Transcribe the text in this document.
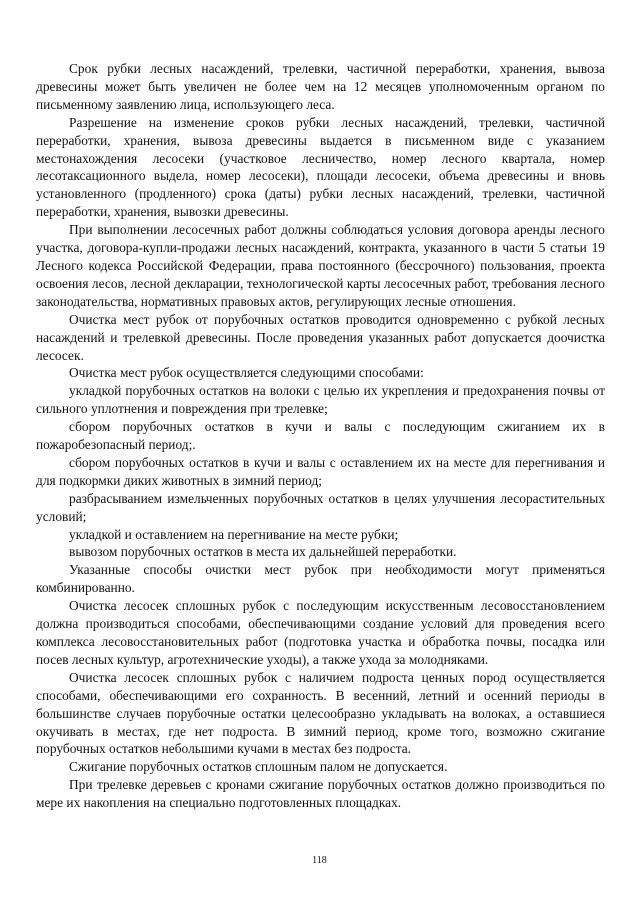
Срок рубки лесных насаждений, трелевки, частичной переработки, хранения, вывоза древесины может быть увеличен не более чем на 12 месяцев уполномоченным органом по письменному заявлению лица, использующего леса.

Разрешение на изменение сроков рубки лесных насаждений, трелевки, частичной переработки, хранения, вывоза древесины выдается в письменном виде с указанием местонахождения лесосеки (участковое лесничество, номер лесного квартала, номер лесотаксационного выдела, номер лесосеки), площади лесосеки, объема древесины и вновь установленного (продленного) срока (даты) рубки лесных насаждений, трелевки, частичной переработки, хранения, вывозки древесины.

При выполнении лесосечных работ должны соблюдаться условия договора аренды лесного участка, договора-купли-продажи лесных насаждений, контракта, указанного в части 5 статьи 19 Лесного кодекса Российской Федерации, права постоянного (бессрочного) пользования, проекта освоения лесов, лесной декларации, технологической карты лесосечных работ, требования лесного законодательства, нормативных правовых актов, регулирующих лесные отношения.

Очистка мест рубок от порубочных остатков проводится одновременно с рубкой лесных насаждений и трелевкой древесины. После проведения указанных работ допускается доочистка лесосек.

Очистка мест рубок осуществляется следующими способами:

укладкой порубочных остатков на волоки с целью их укрепления и предохранения почвы от сильного уплотнения и повреждения при трелевке;

сбором порубочных остатков в кучи и валы с последующим сжиганием их в пожаробезопасный период;.

сбором порубочных остатков в кучи и валы с оставлением их на месте для перегнивания и для подкормки диких животных в зимний период;

разбрасыванием измельченных порубочных остатков в целях улучшения лесорастительных условий;

укладкой и оставлением на перегнивание на месте рубки;

вывозом порубочных остатков в места их дальнейшей переработки.

Указанные способы очистки мест рубок при необходимости могут применяться комбинированно.

Очистка лесосек сплошных рубок с последующим искусственным лесовосстановлением должна производиться способами, обеспечивающими создание условий для проведения всего комплекса лесовосстановительных работ (подготовка участка и обработка почвы, посадка или посев лесных культур, агротехнические уходы), а также ухода за молодняками.

Очистка лесосек сплошных рубок с наличием подроста ценных пород осуществляется способами, обеспечивающими его сохранность. В весенний, летний и осенний периоды в большинстве случаев порубочные остатки целесообразно укладывать на волоках, а оставшиеся окучивать в местах, где нет подроста. В зимний период, кроме того, возможно сжигание порубочных остатков небольшими кучами в местах без подроста.

Сжигание порубочных остатков сплошным палом не допускается.

При трелевке деревьев с кронами сжигание порубочных остатков должно производиться по мере их накопления на специально подготовленных площадках.

118
